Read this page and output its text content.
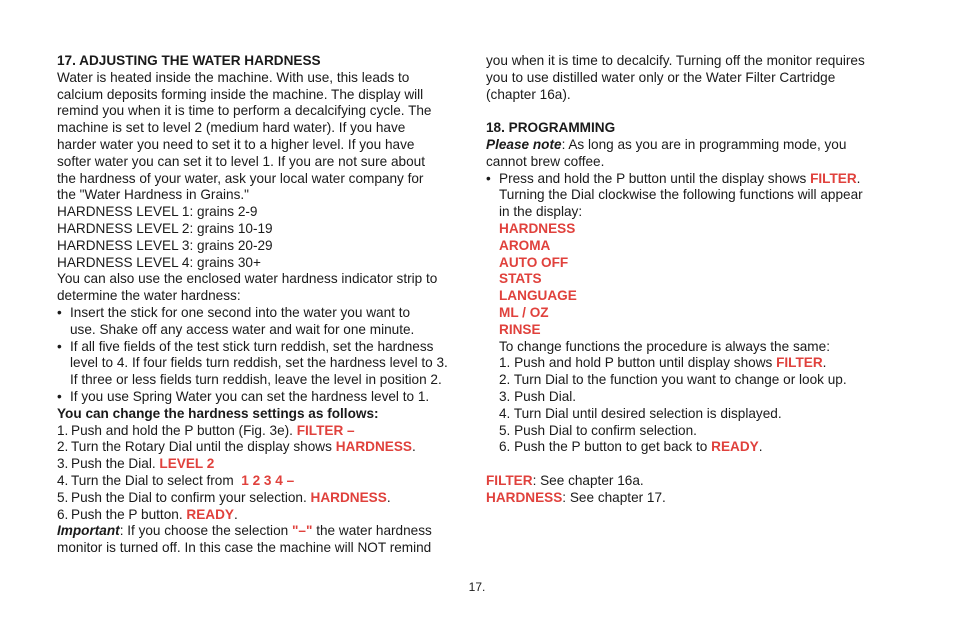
17. ADJUSTING THE WATER HARDNESS
Water is heated inside the machine. With use, this leads to
calcium deposits forming inside the machine. The display will
remind you when it is time to perform a decalcifying cycle. The
machine is set to level 2 (medium hard water). If you have
harder water you need to set it to a higher level. If you have
softer water you can set it to level 1. If you are not sure about
the hardness of your water, ask your local water company for
the "Water Hardness in Grains."
HARDNESS LEVEL 1: grains 2-9
HARDNESS LEVEL 2: grains 10-19
HARDNESS LEVEL 3: grains 20-29
HARDNESS LEVEL 4: grains 30+
You can also use the enclosed water hardness indicator strip to
determine the water hardness:
• Insert the stick for one second into the water you want to
use. Shake off any access water and wait for one minute.
• If all five fields of the test stick turn reddish, set the hardness
level to 4. If four fields turn reddish, set the hardness level to 3.
If three or less fields turn reddish, leave the level in position 2.
• If you use Spring Water you can set the hardness level to 1.
You can change the hardness settings as follows:
1. Push and hold the P button (Fig. 3e). FILTER –
2. Turn the Rotary Dial until the display shows HARDNESS.
3. Push the Dial. LEVEL 2
4. Turn the Dial to select from  1 2 3 4 –
5. Push the Dial to confirm your selection. HARDNESS.
6. Push the P button. READY.
Important: If you choose the selection "–" the water hardness
monitor is turned off. In this case the machine will NOT remind
you when it is time to decalcify. Turning off the monitor requires
you to use distilled water only or the Water Filter Cartridge
(chapter 16a).
18. PROGRAMMING
Please note: As long as you are in programming mode, you
cannot brew coffee.
• Press and hold the P button until the display shows FILTER.
Turning the Dial clockwise the following functions will appear
in the display:
HARDNESS
AROMA
AUTO OFF
STATS
LANGUAGE
ML / OZ
RINSE
To change functions the procedure is always the same:
1. Push and hold P button until display shows FILTER.
2. Turn Dial to the function you want to change or look up.
3. Push Dial.
4. Turn Dial until desired selection is displayed.
5. Push Dial to confirm selection.
6. Push the P button to get back to READY.
FILTER: See chapter 16a.
HARDNESS: See chapter 17.
17.
